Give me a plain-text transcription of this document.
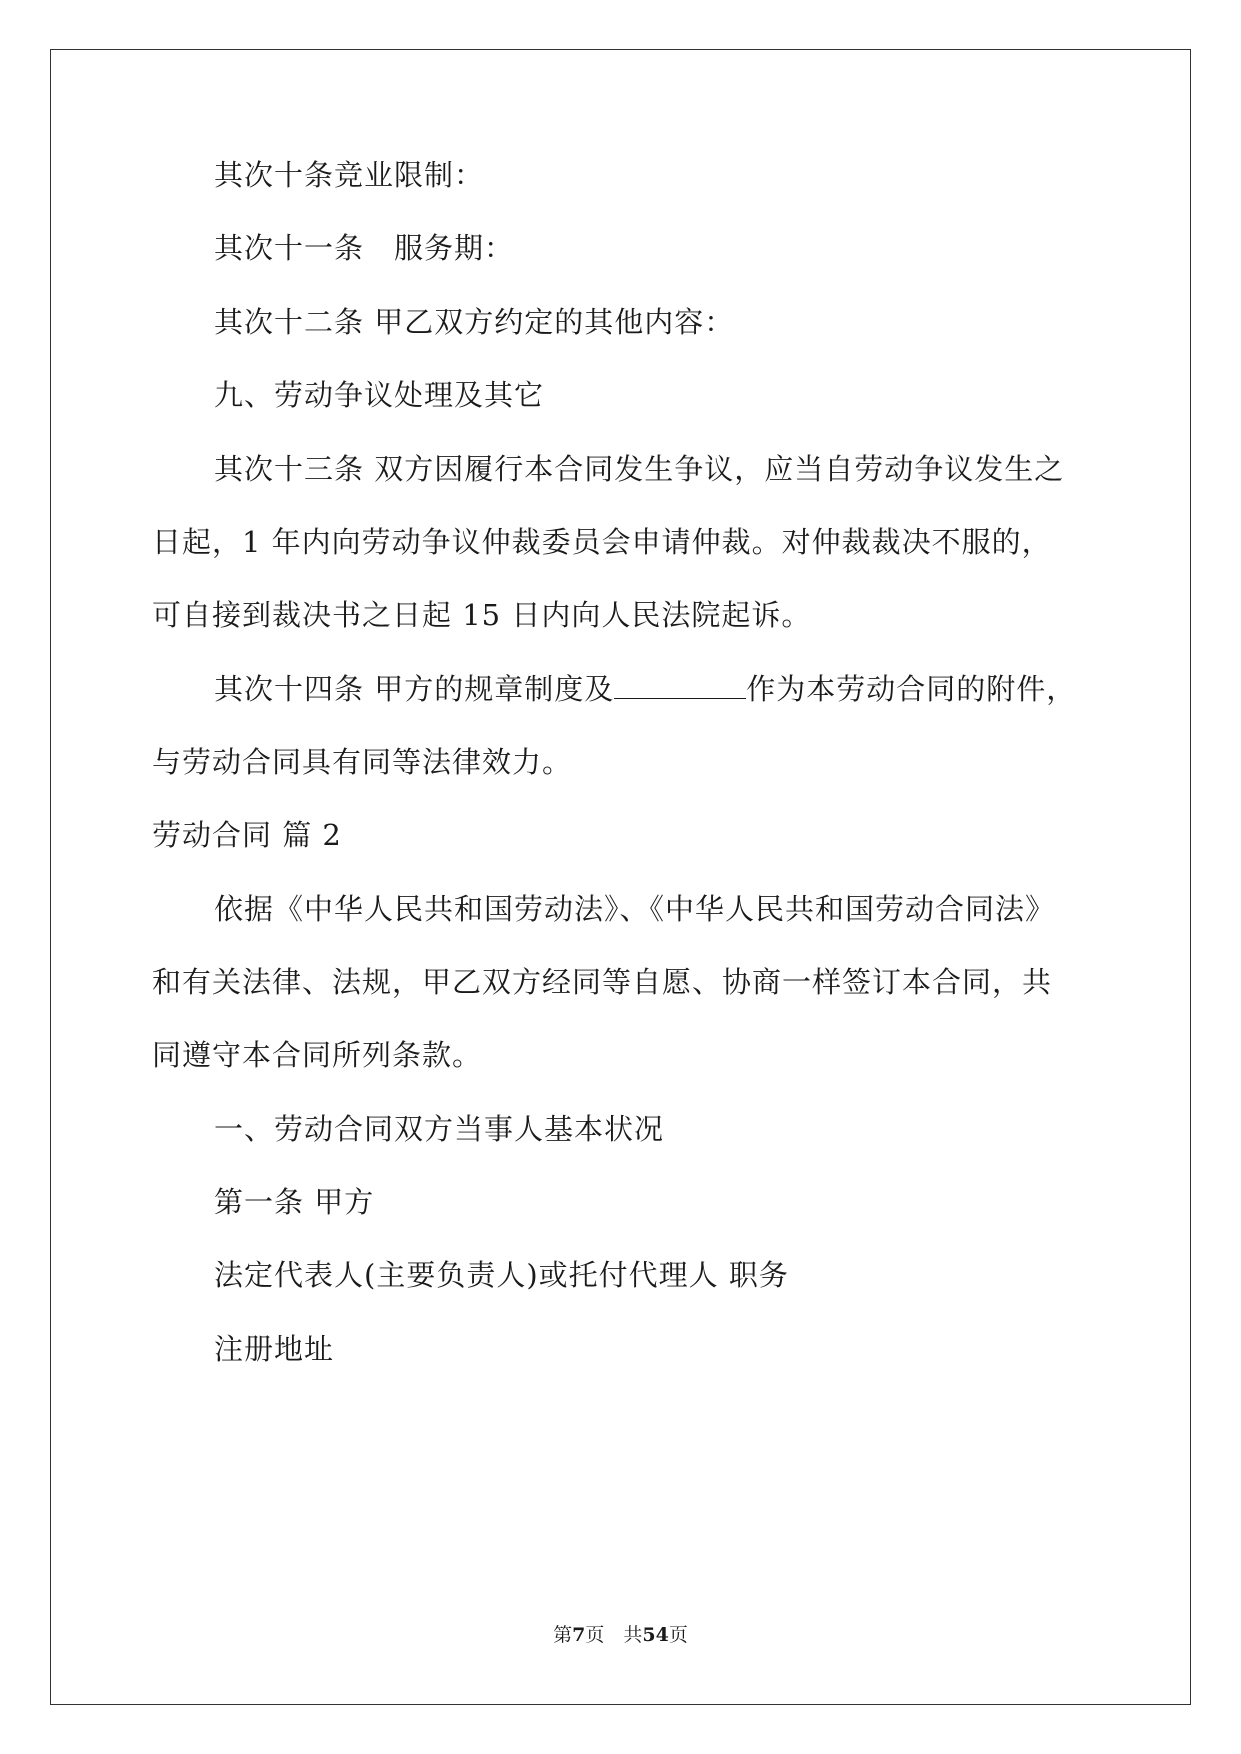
其次十条竞业限制：
其次十一条　服务期：
其次十二条 甲乙双方约定的其他内容：
九、劳动争议处理及其它
其次十三条 双方因履行本合同发生争议，应当自劳动争议发生之
日起，1 年内向劳动争议仲裁委员会申请仲裁。对仲裁裁决不服的，
可自接到裁决书之日起 15 日内向人民法院起诉。
其次十四条 甲方的规章制度及	作为本劳动合同的附件，
与劳动合同具有同等法律效力。
劳动合同 篇 2
依据《中华人民共和国劳动法》、《中华人民共和国劳动合同法》
和有关法律、法规，甲乙双方经同等自愿、协商一样签订本合同，共
同遵守本合同所列条款。
一、劳动合同双方当事人基本状况
第一条 甲方
法定代表人(主要负责人)或托付代理人 职务
注册地址
第7页　共54页
